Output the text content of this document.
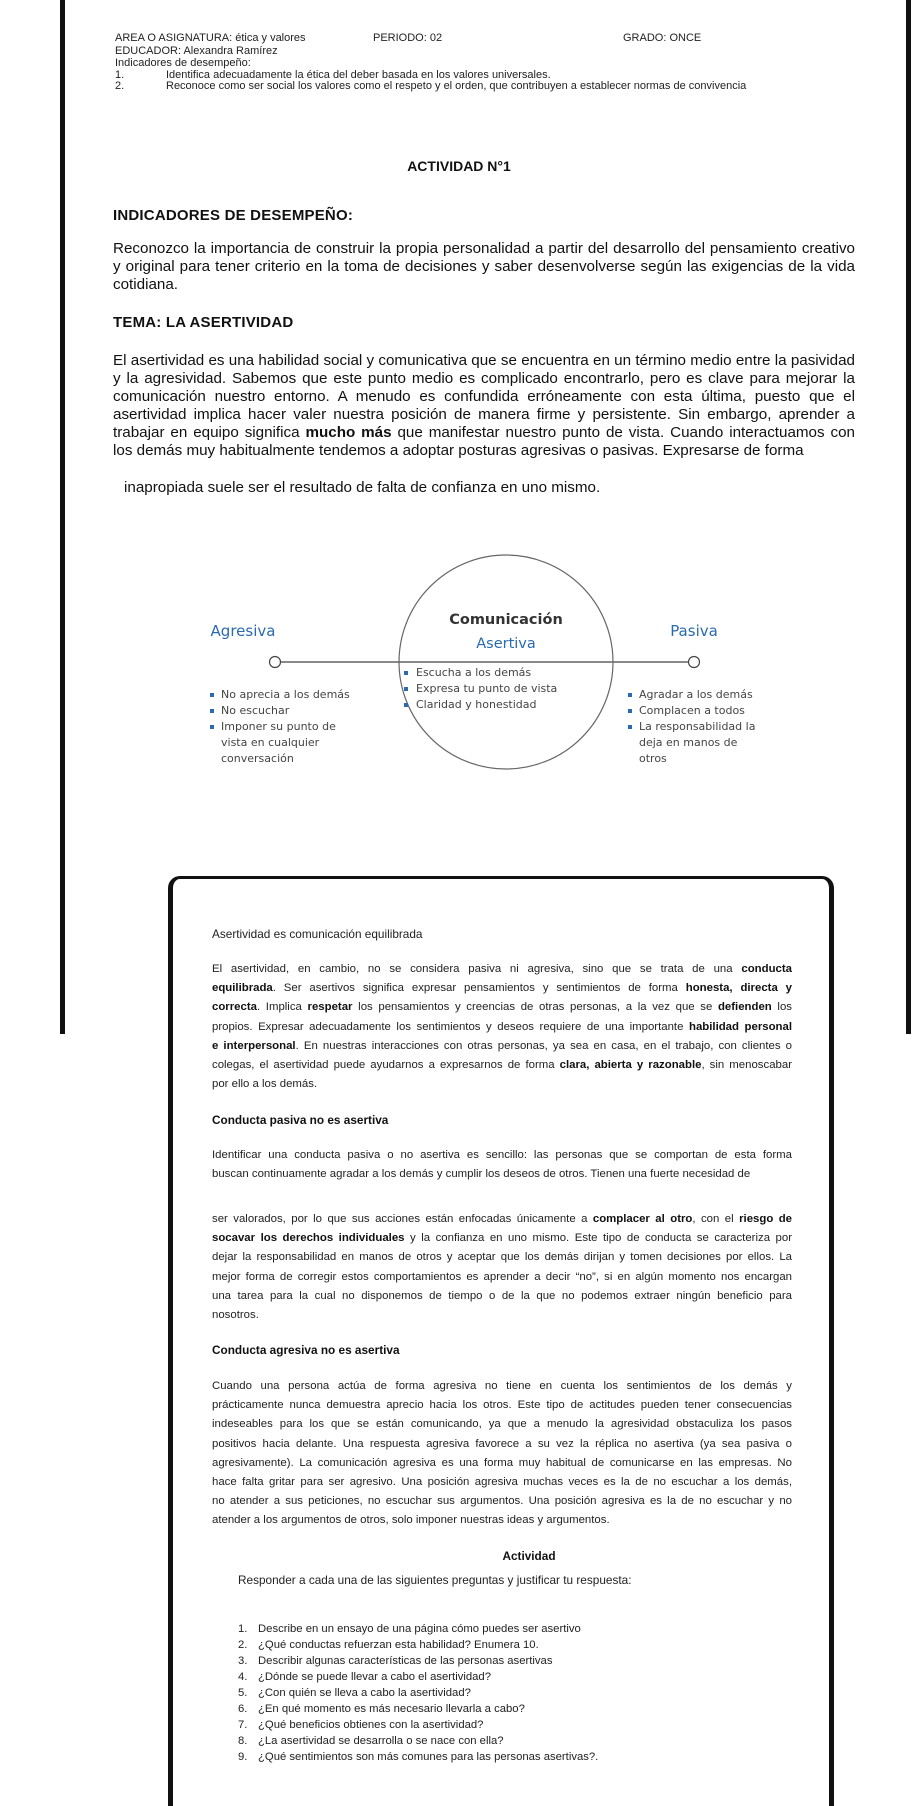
AREA O ASIGNATURA: ética y valores	PERIODO: 02	GRADO: ONCE
EDUCADOR: Alexandra Ramírez
Indicadores de desempeño:
1.	Identifica adecuadamente la ética del deber basada en los valores universales.
2.	Reconoce como ser social los valores como el respeto y el orden, que contribuyen a establecer normas de convivencia
ACTIVIDAD N°1
INDICADORES DE DESEMPEÑO:
Reconozco la importancia de construir la propia personalidad a partir del desarrollo del pensamiento creativo y original para tener criterio en la toma de decisiones y saber desenvolverse según las exigencias de la vida cotidiana.
TEMA: LA ASERTIVIDAD
El asertividad es una habilidad social y comunicativa que se encuentra en un término medio entre la pasividad y la agresividad. Sabemos que este punto medio es complicado encontrarlo, pero es clave para mejorar la comunicación nuestro entorno. A menudo es confundida erróneamente con esta última, puesto que el asertividad implica hacer valer nuestra posición de manera firme y persistente. Sin embargo, aprender a trabajar en equipo significa mucho más que manifestar nuestro punto de vista. Cuando interactuamos con los demás muy habitualmente tendemos a adoptar posturas agresivas o pasivas. Expresarse de forma
inapropiada suele ser el resultado de falta de confianza en uno mismo.
Agresiva	Pasiva
Comunicación
Asertiva
Escucha a los demás
Expresa tu punto de vista
Claridad y honestidad
No aprecia a los demás
No escuchar
Imponer su punto de
vista en cualquier
conversación
Agradar a los demás
Complacen a todos
La responsabilidad la
deja en manos de
otros
Asertividad es comunicación equilibrada
El asertividad, en cambio, no se considera pasiva ni agresiva, sino que se trata de una conducta
equilibrada. Ser asertivos significa expresar pensamientos y sentimientos de forma honesta, directa y
correcta. Implica respetar los pensamientos y creencias de otras personas, a la vez que se defienden los
propios. Expresar adecuadamente los sentimientos y deseos requiere de una importante habilidad personal
e interpersonal. En nuestras interacciones con otras personas, ya sea en casa, en el trabajo, con clientes o
colegas, el asertividad puede ayudarnos a expresarnos de forma clara, abierta y razonable, sin menoscabar
por ello a los demás.
Conducta pasiva no es asertiva
Identificar una conducta pasiva o no asertiva es sencillo: las personas que se comportan de esta forma
buscan continuamente agradar a los demás y cumplir los deseos de otros. Tienen una fuerte necesidad de
ser valorados, por lo que sus acciones están enfocadas únicamente a complacer al otro, con el riesgo de
socavar los derechos individuales y la confianza en uno mismo. Este tipo de conducta se caracteriza por
dejar la responsabilidad en manos de otros y aceptar que los demás dirijan y tomen decisiones por ellos. La
mejor forma de corregir estos comportamientos es aprender a decir “no”, si en algún momento nos encargan
una tarea para la cual no disponemos de tiempo o de la que no podemos extraer ningún beneficio para
nosotros.
Conducta agresiva no es asertiva
Cuando una persona actúa de forma agresiva no tiene en cuenta los sentimientos de los demás y
prácticamente nunca demuestra aprecio hacia los otros. Este tipo de actitudes pueden tener consecuencias
indeseables para los que se están comunicando, ya que a menudo la agresividad obstaculiza los pasos
positivos hacia delante. Una respuesta agresiva favorece a su vez la réplica no asertiva (ya sea pasiva o
agresivamente). La comunicación agresiva es una forma muy habitual de comunicarse en las empresas. No
hace falta gritar para ser agresivo. Una posición agresiva muchas veces es la de no escuchar a los demás,
no atender a sus peticiones, no escuchar sus argumentos. Una posición agresiva es la de no escuchar y no
atender a los argumentos de otros, solo imponer nuestras ideas y argumentos.
Actividad
Responder a cada una de las siguientes preguntas y justificar tu respuesta:
1. Describe en un ensayo de una página cómo puedes ser asertivo
2. ¿Qué conductas refuerzan esta habilidad? Enumera 10.
3. Describir algunas características de las personas asertivas
4. ¿Dónde se puede llevar a cabo el asertividad?
5. ¿Con quién se lleva a cabo la asertividad?
6. ¿En qué momento es más necesario llevarla a cabo?
7. ¿Qué beneficios obtienes con la asertividad?
8. ¿La asertividad se desarrolla o se nace con ella?
9. ¿Qué sentimientos son más comunes para las personas asertivas?.
